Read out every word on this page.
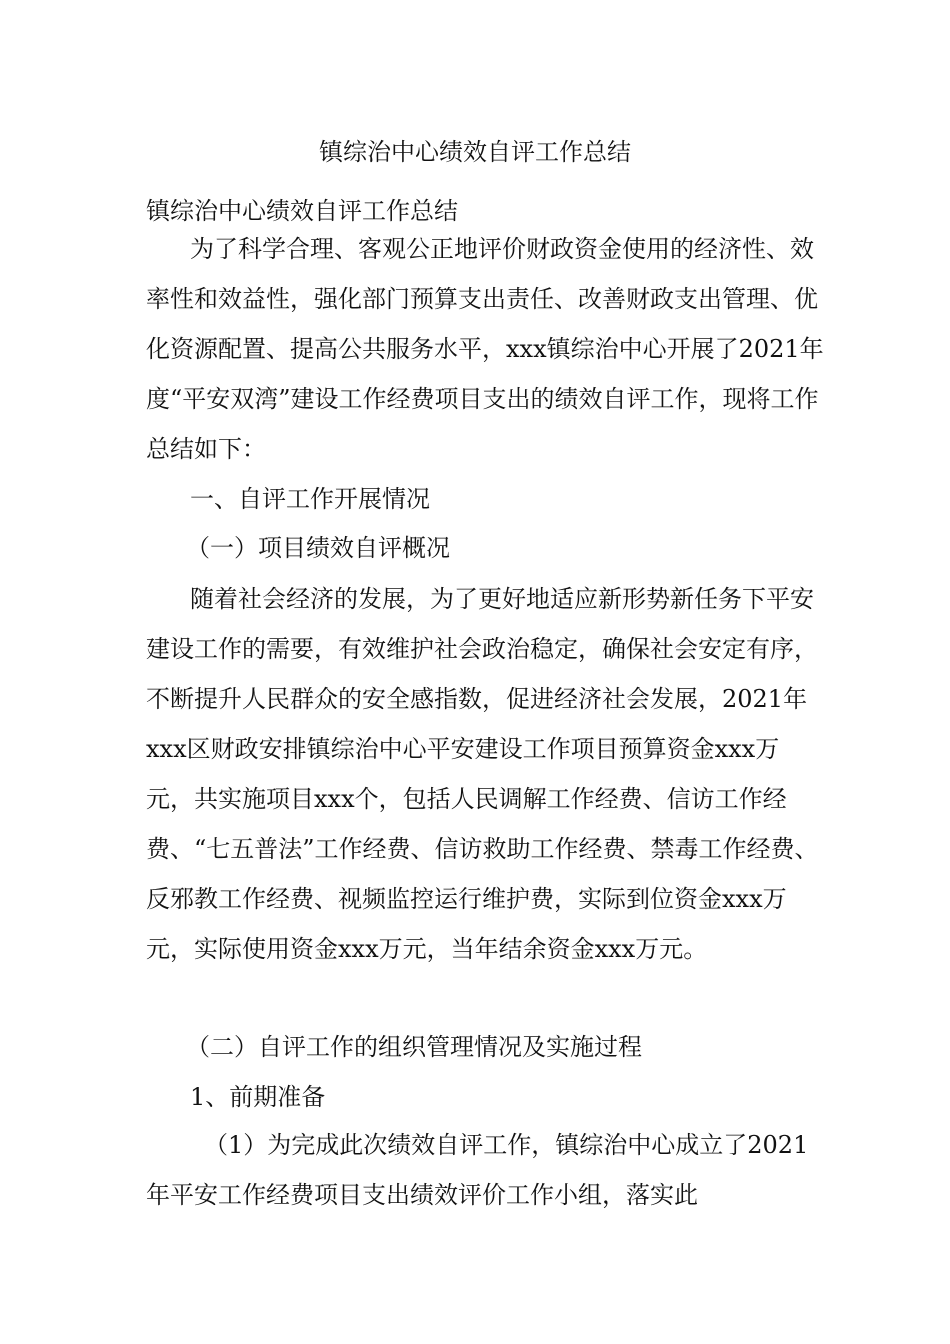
镇综治中心绩效自评工作总结

镇综治中心绩效自评工作总结

为了科学合理、客观公正地评价财政资金使用的经济性、效率性和效益性，强化部门预算支出责任、改善财政支出管理、优化资源配置、提高公共服务水平，xxx镇综治中心开展了2021年度“平安双湾”建设工作经费项目支出的绩效自评工作，现将工作总结如下：

一、自评工作开展情况

（一）项目绩效自评概况

随着社会经济的发展，为了更好地适应新形势新任务下平安建设工作的需要，有效维护社会政治稳定，确保社会安定有序，不断提升人民群众的安全感指数，促进经济社会发展，2021年xxx区财政安排镇综治中心平安建设工作项目预算资金xxx万元，共实施项目xxx个，包括人民调解工作经费、信访工作经费、“七五普法”工作经费、信访救助工作经费、禁毒工作经费、反邪教工作经费、视频监控运行维护费，实际到位资金xxx万元，实际使用资金xxx万元，当年结余资金xxx万元。

（二）自评工作的组织管理情况及实施过程

1、前期准备

（1）为完成此次绩效自评工作，镇综治中心成立了2021年平安工作经费项目支出绩效评价工作小组，落实此
